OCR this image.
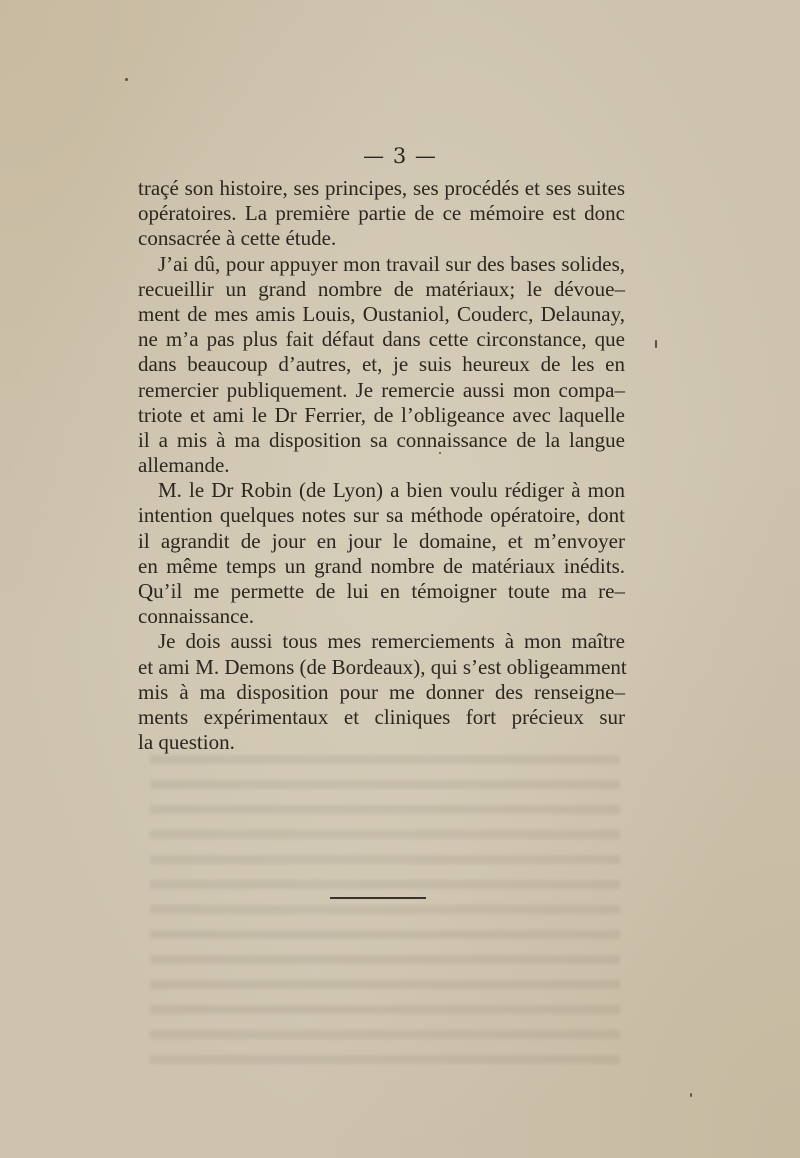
— 3 —
traçé son histoire, ses principes, ses procédés et ses suites
opératoires. La première partie de ce mémoire est donc
consacrée à cette étude.
J’ai dû, pour appuyer mon travail sur des bases solides,
recueillir un grand nombre de matériaux; le dévoue–
ment de mes amis Louis, Oustaniol, Couderc, Delaunay,
ne m’a pas plus fait défaut dans cette circonstance, que
dans beaucoup d’autres, et, je suis heureux de les en
remercier publiquement. Je remercie aussi mon compa–
triote et ami le Dr Ferrier, de l’obligeance avec laquelle
il a mis à ma disposition sa connaissance de la langue
allemande.
M. le Dr Robin (de Lyon) a bien voulu rédiger à mon
intention quelques notes sur sa méthode opératoire, dont
il agrandit de jour en jour le domaine, et m’envoyer
en même temps un grand nombre de matériaux inédits.
Qu’il me permette de lui en témoigner toute ma re–
connaissance.
Je dois aussi tous mes remerciements à mon maître
et ami M. Demons (de Bordeaux), qui s’est obligeamment
mis à ma disposition pour me donner des renseigne–
ments expérimentaux et cliniques fort précieux sur
la question.
